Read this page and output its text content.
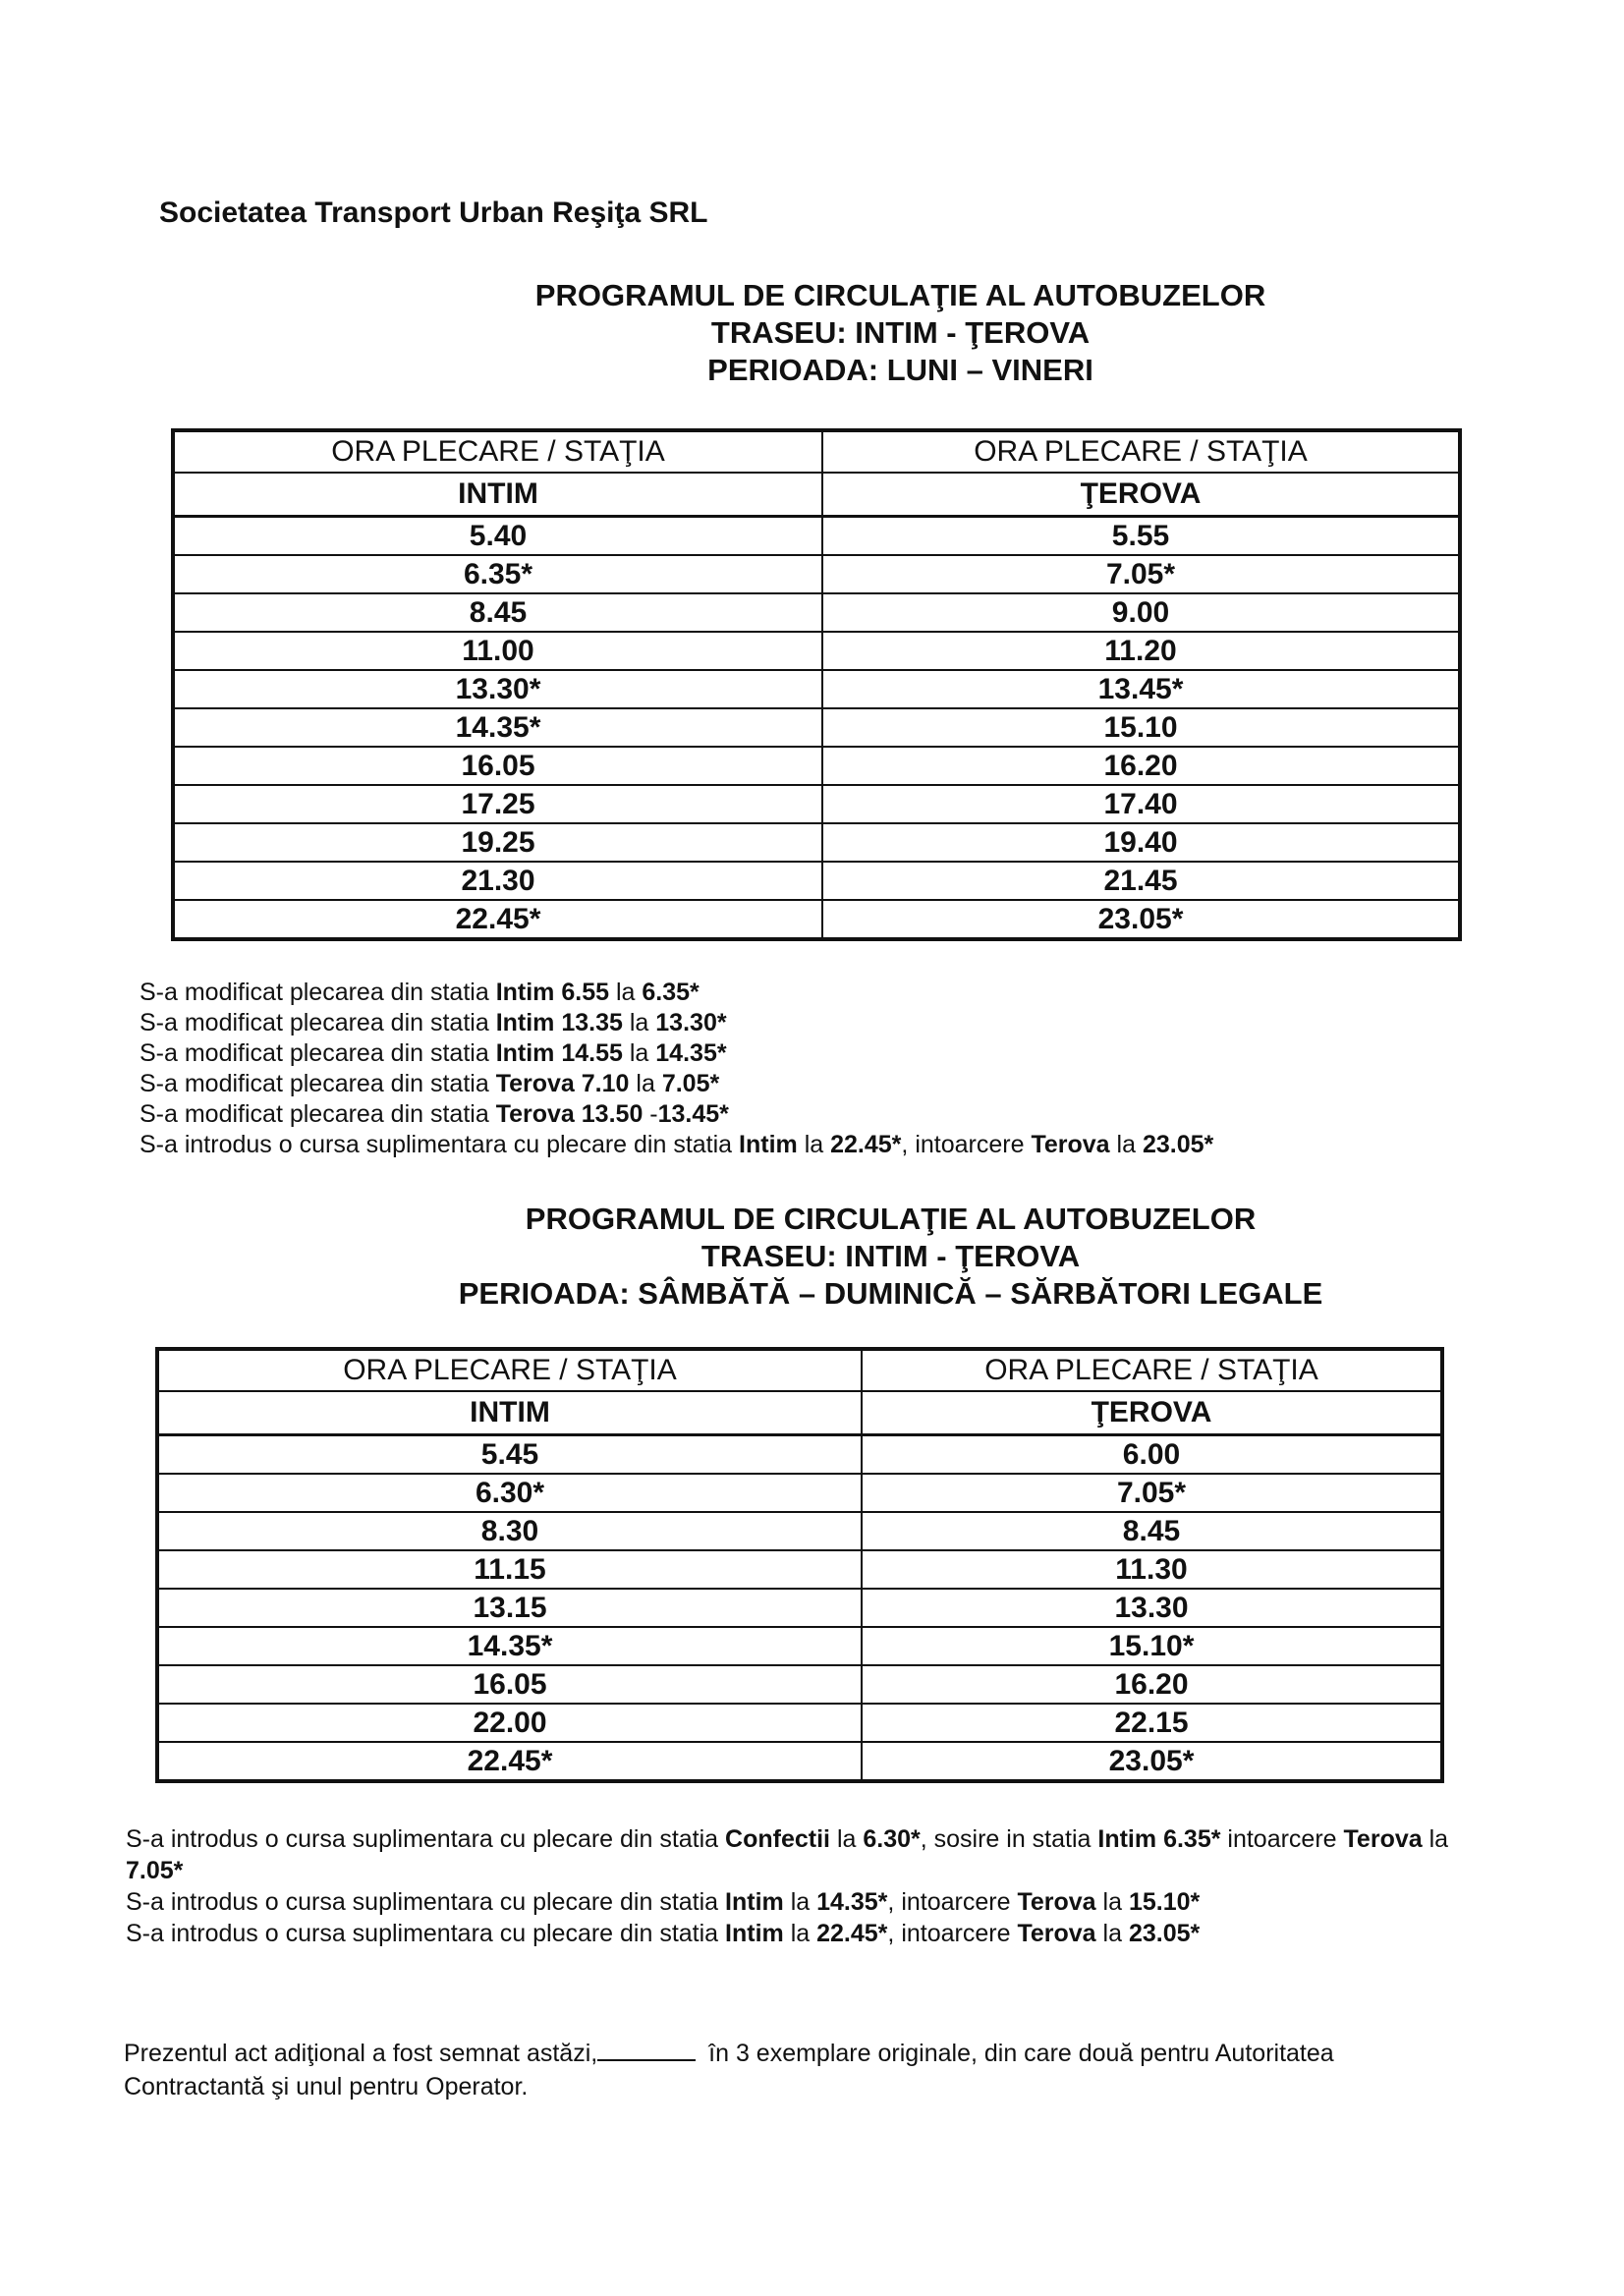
Societatea Transport Urban Reşiţa SRL
PROGRAMUL DE CIRCULAŢIE AL AUTOBUZELOR
TRASEU: INTIM - ŢEROVA
PERIOADA: LUNI – VINERI
ORA PLECARE / STAŢIA	ORA PLECARE / STAŢIA
INTIM	ŢEROVA
5.40	5.55
6.35*	7.05*
8.45	9.00
11.00	11.20
13.30*	13.45*
14.35*	15.10
16.05	16.20
17.25	17.40
19.25	19.40
21.30	21.45
22.45*	23.05*

S-a modificat plecarea din statia Intim 6.55 la 6.35*

S-a modificat plecarea din statia Intim 13.35 la 13.30*

S-a modificat plecarea din statia Intim 14.55 la 14.35*

S-a modificat plecarea din statia Terova 7.10 la 7.05*

S-a modificat plecarea din statia Terova 13.50 -13.45*

S-a introdus o cursa suplimentara cu plecare din statia Intim la 22.45*, intoarcere Terova la 23.05*

PROGRAMUL DE CIRCULAŢIE AL AUTOBUZELOR
TRASEU: INTIM - ŢEROVA
PERIOADA: SÂMBĂTĂ – DUMINICĂ – SĂRBĂTORI LEGALE
ORA PLECARE / STAŢIA	ORA PLECARE / STAŢIA
INTIM	ŢEROVA
5.45	6.00
6.30*	7.05*
8.30	8.45
11.15	11.30
13.15	13.30
14.35*	15.10*
16.05	16.20
22.00	22.15
22.45*	23.05*

S-a introdus o cursa suplimentara cu plecare din statia Confectii la 6.30*, sosire in statia Intim 6.35* intoarcere Terova la 7.05*

S-a introdus o cursa suplimentara cu plecare din statia Intim la 14.35*, intoarcere Terova la 15.10*

S-a introdus o cursa suplimentara cu plecare din statia Intim la 22.45*, intoarcere Terova la 23.05*

Prezentul act adiţional a fost semnat astăzi,	în 3 exemplare originale, din care două pentru Autoritatea Contractantă şi unul pentru Operator.
